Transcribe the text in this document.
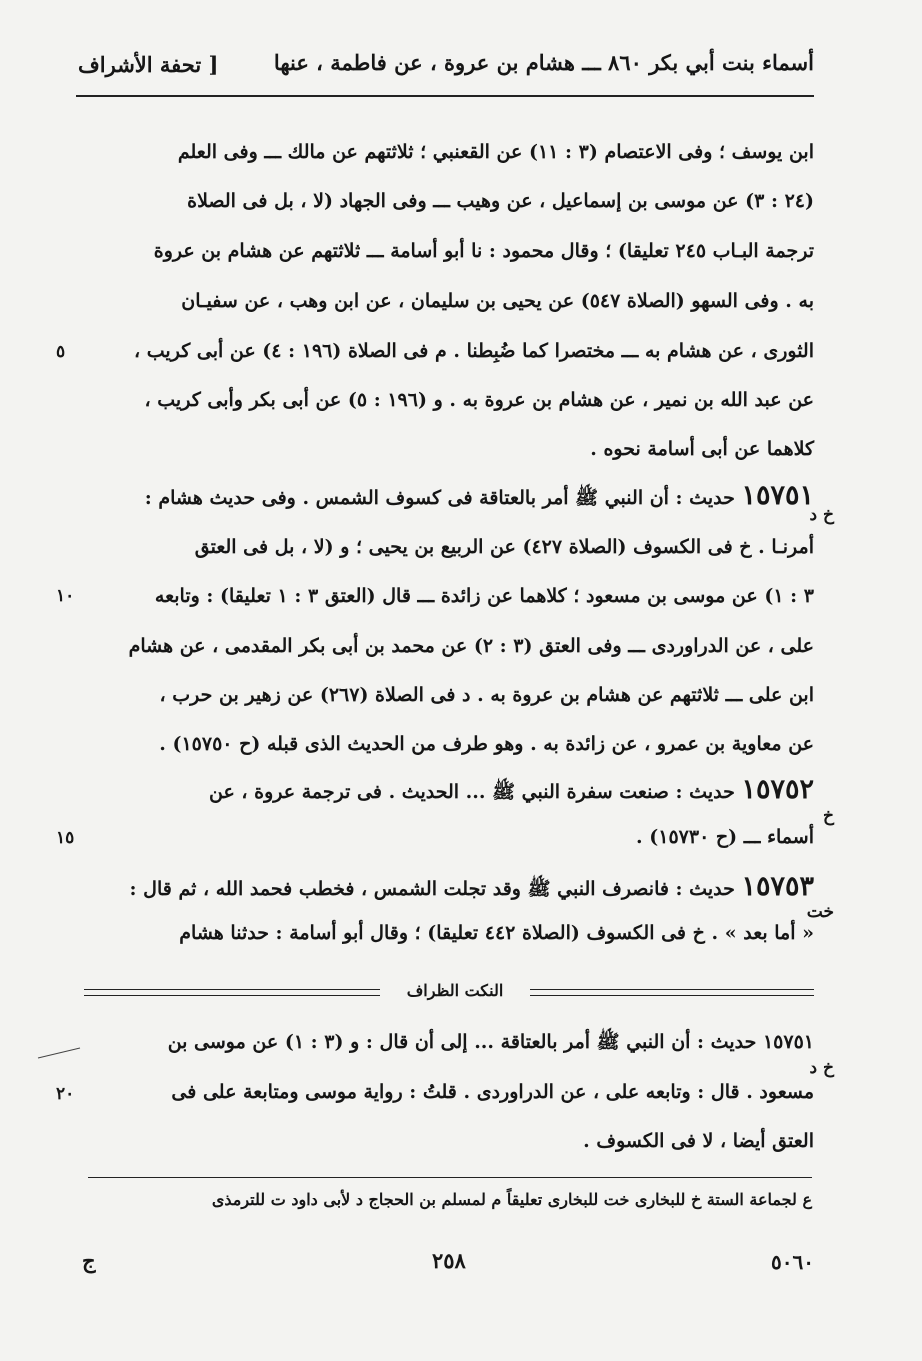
أسماء بنت أبي بكر ٨٦٠ ـــ هشام بن عروة ، عن فاطمة ، عنها
[ تحفة الأشراف
ابن يوسف ؛ وفى الاعتصام (٣ : ١١) عن القعنبي ؛ ثلاثتهم عن مالك ـــ وفى العلم
(٢٤ : ٣) عن موسى بن إسماعيل ، عن وهيب ـــ وفى الجهاد (لا ، بل فى الصلاة
ترجمة البـاب ٢٤٥ تعليقا) ؛ وقال محمود : نا أبو أسامة ـــ ثلاثتهم عن هشام بن عروة
به . وفى السهو (الصلاة ٥٤٧) عن يحيى بن سليمان ، عن ابن وهب ، عن سفيـان
الثورى ، عن هشام به ـــ مختصرا كما ضُبِطنا . م فى الصلاة (١٩٦ : ٤) عن أبى كريب ،
عن عبد الله بن نمير ، عن هشام بن عروة به . و (١٩٦ : ٥) عن أبى بكر وأبى كريب ،
كلاهما عن أبى أسامة نحوه .
١٥٧٥١ حديث : أن النبي ﷺ أمر بالعتاقة فى كسوف الشمس . وفى حديث هشام :
خ د
أمرنـا . خ فى الكسوف (الصلاة ٤٢٧) عن الربيع بن يحيى ؛ و (لا ، بل فى العتق
٣ : ١) عن موسى بن مسعود ؛ كلاهما عن زائدة ـــ قال (العتق ٣ : ١ تعليقا) : وتابعه
على ، عن الدراوردى ـــ وفى العتق (٣ : ٢) عن محمد بن أبى بكر المقدمى ، عن هشام
ابن على ـــ ثلاثتهم عن هشام بن عروة به . د فى الصلاة (٢٦٧) عن زهير بن حرب ،
عن معاوية بن عمرو ، عن زائدة به . وهو طرف من الحديث الذى قبله (ح ١٥٧٥٠) .
١٥٧٥٢ حديث : صنعت سفرة النبي ﷺ ... الحديث . فى ترجمة عروة ، عن
خ
أسماء ـــ (ح ١٥٧٣٠) .
١٥٧٥٣ حديث : فانصرف النبي ﷺ وقد تجلت الشمس ، فخطب فحمد الله ، ثم قال :
خت
« أما بعد » . خ فى الكسوف (الصلاة ٤٤٢ تعليقا) ؛ وقال أبو أسامة : حدثنا هشام
٥
١٠
١٥
٢٠
النكت الظراف
١٥٧٥١ حديث : أن النبي ﷺ أمر بالعتاقة ... إلى أن قال : و (٣ : ١) عن موسى بن
خ د
مسعود . قال : وتابعه على ، عن الدراوردى . قلتُ : رواية موسى ومتابعة على فى
العتق أيضا ، لا فى الكسوف .
ع لجماعة الستة خ للبخارى خت للبخارى تعليقاً م لمسلم بن الحجاج د لأبى داود ت للترمذى
٥٠٦٠
٢٥٨
ج
